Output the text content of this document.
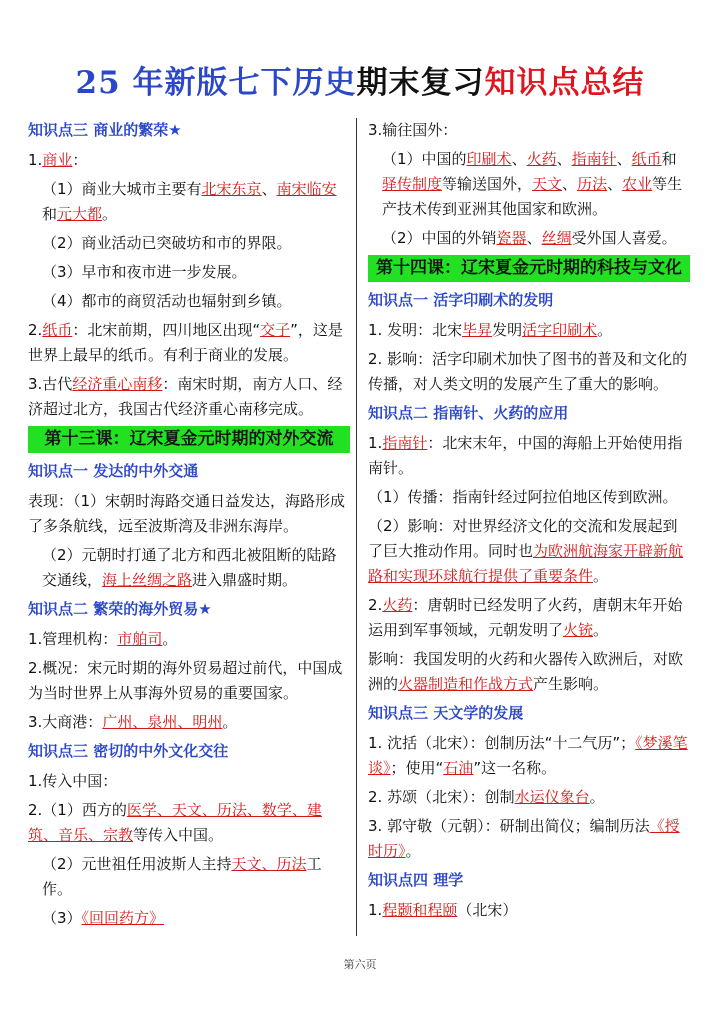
25 年新版七下历史期末复习知识点总结
知识点三 商业的繁荣★
1.商业：
（1）商业大城市主要有北宋东京、南宋临安和元大都。
（2）商业活动已突破坊和市的界限。
（3）早市和夜市进一步发展。
（4）都市的商贸活动也辐射到乡镇。
2.纸币：北宋前期，四川地区出现“交子”，这是世界上最早的纸币。有利于商业的发展。
3.古代经济重心南移：南宋时期，南方人口、经济超过北方，我国古代经济重心南移完成。
第十三课：辽宋夏金元时期的对外交流
知识点一 发达的中外交通
表现：（1）宋朝时海路交通日益发达，海路形成了多条航线，远至波斯湾及非洲东海岸。
（2）元朝时打通了北方和西北被阻断的陆路交通线，海上丝绸之路进入鼎盛时期。
知识点二 繁荣的海外贸易★
1.管理机构：市舶司。
2.概况：宋元时期的海外贸易超过前代，中国成为当时世界上从事海外贸易的重要国家。
3.大商港：广州、泉州、明州。
知识点三 密切的中外文化交往
1.传入中国：
2.（1）西方的医学、天文、历法、数学、建筑、音乐、宗教等传入中国。
（2）元世祖任用波斯人主持天文、历法工作。
（3）《回回药方》
3.输往国外：
（1）中国的印刷术、火药、指南针、纸币和驿传制度等输送国外，天文、历法、农业等生产技术传到亚洲其他国家和欧洲。
（2）中国的外销瓷器、丝绸受外国人喜爱。
第十四课：辽宋夏金元时期的科技与文化
知识点一 活字印刷术的发明
1. 发明：北宋毕昇发明活字印刷术。
2. 影响：活字印刷术加快了图书的普及和文化的传播，对人类文明的发展产生了重大的影响。
知识点二 指南针、火药的应用
1.指南针：北宋末年，中国的海船上开始使用指南针。
（1）传播：指南针经过阿拉伯地区传到欧洲。
（2）影响：对世界经济文化的交流和发展起到了巨大推动作用。同时也为欧洲航海家开辟新航路和实现环球航行提供了重要条件。
2.火药：唐朝时已经发明了火药，唐朝末年开始运用到军事领域，元朝发明了火铳。
影响：我国发明的火药和火器传入欧洲后，对欧洲的火器制造和作战方式产生影响。
知识点三 天文学的发展
1. 沈括（北宋）：创制历法“十二气历”；《梦溪笔谈》；使用“石油”这一名称。
2. 苏颂（北宋）：创制水运仪象台。
3. 郭守敬（元朝）：研制出简仪；编制历法《授时历》。
知识点四 理学
1.程颢和程颐（北宋）
第六页
